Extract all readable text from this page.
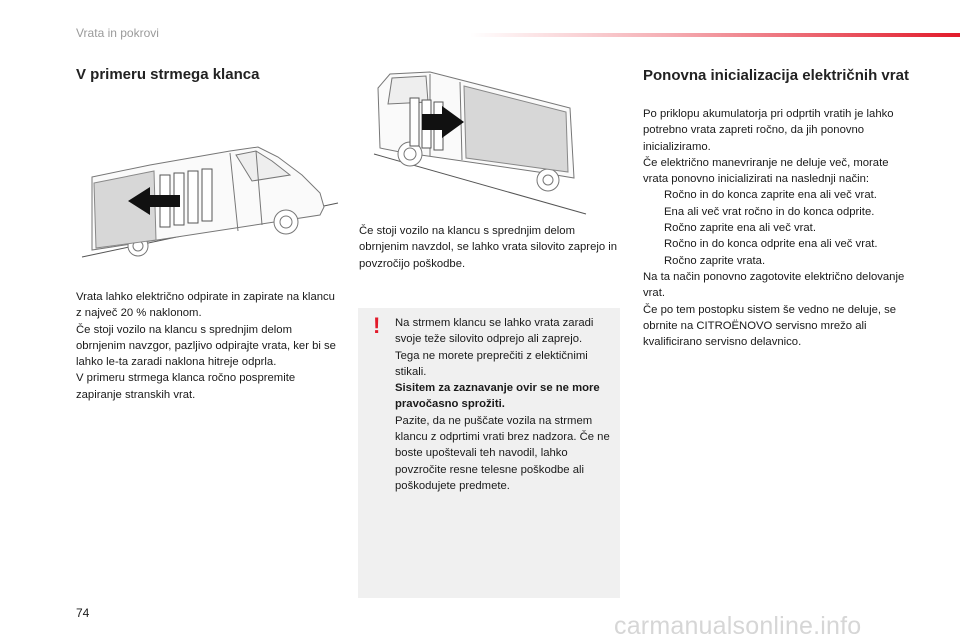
Vrata in pokrovi
V primeru strmega klanca

Vrata lahko električno odpirate in zapirate na klancu z največ 20 % naklonom.

Če stoji vozilo na klancu s sprednjim delom obrnjenim navzgor, pazljivo odpirajte vrata, ker bi se lahko le-ta zaradi naklona hitreje odprla.

V primeru strmega klanca ročno pospremite zapiranje stranskih vrat.

Če stoji vozilo na klancu s sprednjim delom obrnjenim navzdol, se lahko vrata silovito zaprejo in povzročijo poškodbe.
! Na strmem klancu se lahko vrata zaradi svoje teže silovito odprejo ali zaprejo.

Tega ne morete preprečiti z elektičnimi stikali.

Sisitem za zaznavanje ovir se ne more pravočasno sprožiti.

Pazite, da ne puščate vozila na strmem klancu z odprtimi vrati brez nadzora. Če ne boste upoštevali teh navodil, lahko povzročite resne telesne poškodbe ali poškodujete predmete.

Ponovna inicializacija električnih vrat

Po priklopu akumulatorja pri odprtih vratih je lahko potrebno vrata zapreti ročno, da jih ponovno inicializiramo.

Če električno manevriranje ne deluje več, morate vrata ponovno inicializirati na naslednji način:

Ročno in do konca zaprite ena ali več vrat.

Ena ali več vrat ročno in do konca odprite.

Ročno zaprite ena ali več vrat.

Ročno in do konca odprite ena ali več vrat.

Ročno zaprite vrata.

Na ta način ponovno zagotovite električno delovanje vrat.

Če po tem postopku sistem še vedno ne deluje, se obrnite na CITROËNOVO servisno mrežo ali kvalificirano servisno delavnico.

74	carmanualsonline.info
